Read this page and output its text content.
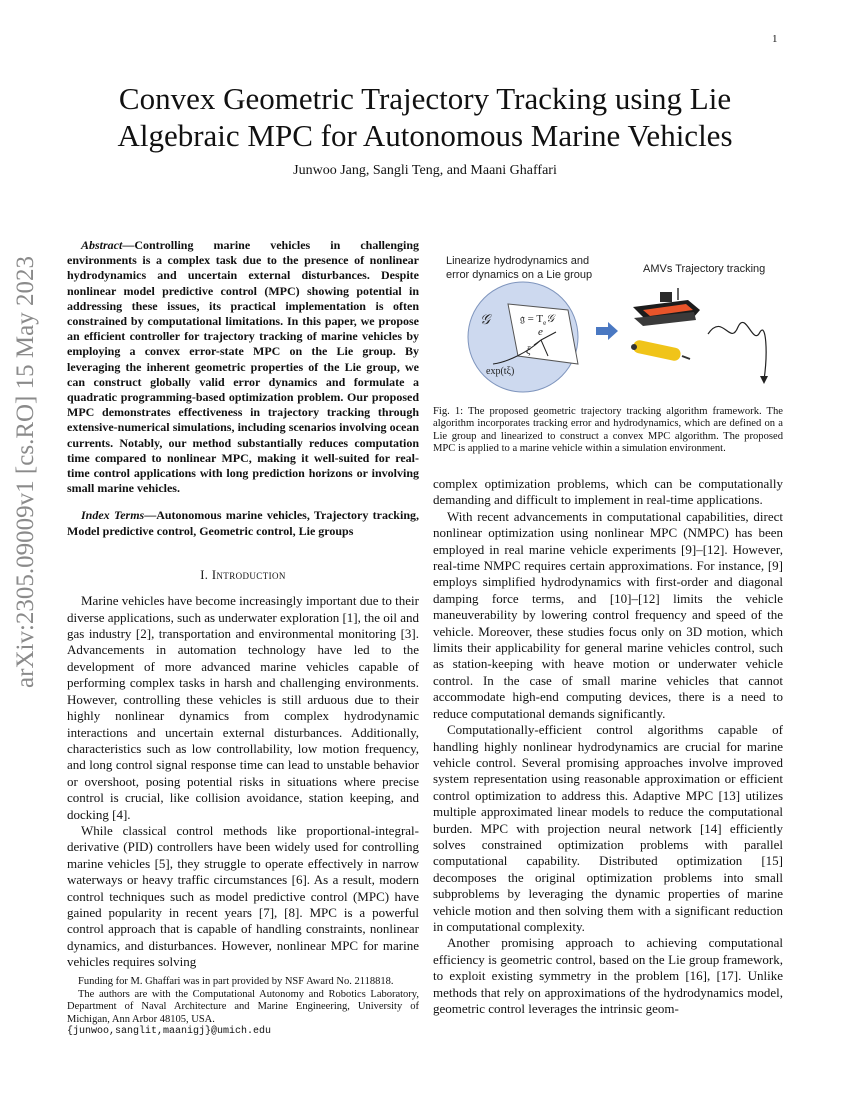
1
arXiv:2305.09009v1 [cs.RO] 15 May 2023
Convex Geometric Trajectory Tracking using Lie Algebraic MPC for Autonomous Marine Vehicles
Junwoo Jang, Sangli Teng, and Maani Ghaffari

Abstract—Controlling marine vehicles in challenging environments is a complex task due to the presence of nonlinear hydrodynamics and uncertain external disturbances. Despite nonlinear model predictive control (MPC) showing potential in addressing these issues, its practical implementation is often constrained by computational limitations. In this paper, we propose an efficient controller for trajectory tracking of marine vehicles by employing a convex error-state MPC on the Lie group. By leveraging the inherent geometric properties of the Lie group, we can construct globally valid error dynamics and formulate a quadratic programming-based optimization problem. Our proposed MPC demonstrates effectiveness in trajectory tracking through extensive-numerical simulations, including scenarios involving ocean currents. Notably, our method substantially reduces computation time compared to nonlinear MPC, making it well-suited for real-time control applications with long prediction horizons or involving small marine vehicles.

Index Terms—Autonomous marine vehicles, Trajectory tracking, Model predictive control, Geometric control, Lie groups

I. Introduction

Marine vehicles have become increasingly important due to their diverse applications, such as underwater exploration [1], the oil and gas industry [2], transportation and environmental monitoring [3]. Advancements in automation technology have led to the development of more advanced marine vehicles capable of performing complex tasks in harsh and challenging environments. However, controlling these vehicles is still arduous due to their highly nonlinear dynamics from complex hydrodynamic interactions and uncertain external disturbances. Additionally, characteristics such as low controllability, low motion frequency, and long control signal response time can lead to unstable behavior or overshoot, posing potential risks in situations where precise control is crucial, like collision avoidance, station keeping, and docking [4].

While classical control methods like proportional-integral-derivative (PID) controllers have been widely used for controlling marine vehicles [5], they struggle to operate effectively in narrow waterways or heavy traffic circumstances [6]. As a result, modern control techniques such as model predictive control (MPC) have gained popularity in recent years [7], [8]. MPC is a powerful control approach that is capable of handling constraints, nonlinear dynamics, and disturbances. However, nonlinear MPC for marine vehicles requires solving

Funding for M. Ghaffari was in part provided by NSF Award No. 2118818.

The authors are with the Computational Autonomy and Robotics Laboratory, Department of Naval Architecture and Marine Engineering, University of Michigan, Ann Arbor 48105, USA.

{junwoo,sanglit,maanigj}@umich.edu
Linearize hydrodynamics and
error dynamics on a Lie group	AMVs Trajectory tracking
𝒢	𝔤 = $T_e𝒢$
e
ξ
exp(tξ)
Fig. 1: The proposed geometric trajectory tracking algorithm framework. The algorithm incorporates tracking error and hydrodynamics, which are defined on a Lie group and linearized to construct a convex MPC algorithm. The proposed MPC is applied to a marine vehicle within a simulation environment.

complex optimization problems, which can be computationally demanding and difficult to implement in real-time applications.

With recent advancements in computational capabilities, direct nonlinear optimization using nonlinear MPC (NMPC) has been employed in real marine vehicle experiments [9]–[12]. However, real-time NMPC requires certain approximations. For instance, [9] employs simplified hydrodynamics with first-order and diagonal damping force terms, and [10]–[12] limits the vehicle maneuverability by lowering control frequency and speed of the vehicle. Moreover, these studies focus only on 3D motion, which limits their applicability for general marine vehicles control, such as station-keeping with heave motion or underwater vehicle control. In the case of small marine vehicles that cannot accommodate high-end computing devices, there is a need to reduce computational demands significantly.

Computationally-efficient control algorithms capable of handling highly nonlinear hydrodynamics are crucial for marine vehicle control. Several promising approaches involve improved system representation using reasonable approximation or efficient control optimization to address this. Adaptive MPC [13] utilizes multiple approximated linear models to reduce the computational burden. MPC with projection neural network [14] efficiently solves constrained optimization problems with parallel computational capability. Distributed optimization [15] decomposes the original optimization problems into small subproblems by leveraging the dynamic properties of marine vehicle motion and then solving them with a significant reduction in computational complexity.

Another promising approach to achieving computational efficiency is geometric control, based on the Lie group framework, to exploit existing symmetry in the problem [16], [17]. Unlike methods that rely on approximations of the hydrodynamics model, geometric control leverages the intrinsic geom-
